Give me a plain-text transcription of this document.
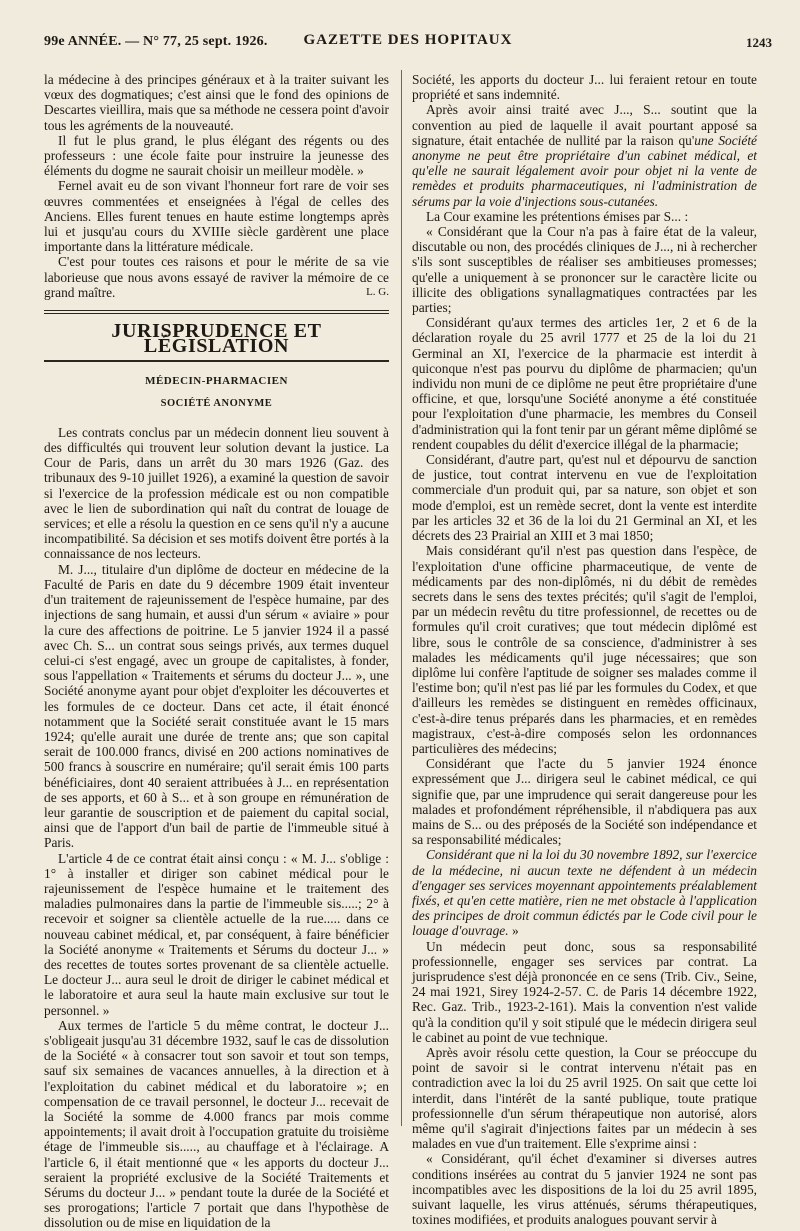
99e ANNÉE. — N° 77, 25 sept. 1926.	GAZETTE DES HOPITAUX	1243

la médecine à des principes généraux et à la traiter suivant les vœux des dogmatiques; c'est ainsi que le fond des opinions de Descartes vieillira, mais que sa méthode ne cessera point d'avoir tous les agréments de la nouveauté.

Il fut le plus grand, le plus élégant des régents ou des professeurs : une école faite pour instruire la jeunesse des éléments du dogme ne saurait choisir un meilleur modèle. »

Fernel avait eu de son vivant l'honneur fort rare de voir ses œuvres commentées et enseignées à l'égal de celles des Anciens. Elles furent tenues en haute estime longtemps après lui et jusqu'au cours du XVIIIe siècle gardèrent une place importante dans la littérature médicale.

C'est pour toutes ces raisons et pour le mérite de sa vie laborieuse que nous avons essayé de raviver la mémoire de ce grand maître.	L. G.

JURISPRUDENCE ET LÉGISLATION
MÉDECIN-PHARMACIEN
SOCIÉTÉ ANONYME

Les contrats conclus par un médecin donnent lieu souvent à des difficultés qui trouvent leur solution devant la justice. La Cour de Paris, dans un arrêt du 30 mars 1926 (Gaz. des tribunaux des 9-10 juillet 1926), a examiné la question de savoir si l'exercice de la profession médicale est ou non compatible avec le lien de subordination qui naît du contrat de louage de services; et elle a résolu la question en ce sens qu'il n'y a aucune incompatibilité. Sa décision et ses motifs doivent être portés à la connaissance de nos lecteurs.

M. J..., titulaire d'un diplôme de docteur en médecine de la Faculté de Paris en date du 9 décembre 1909 était inventeur d'un traitement de rajeunissement de l'espèce humaine, par des injections de sang humain, et aussi d'un sérum « aviaire » pour la cure des affections de poitrine. Le 5 janvier 1924 il a passé avec Ch. S... un contrat sous seings privés, aux termes duquel celui-ci s'est engagé, avec un groupe de capitalistes, à fonder, sous l'appellation « Traitements et sérums du docteur J... », une Société anonyme ayant pour objet d'exploiter les découvertes et les formules de ce docteur. Dans cet acte, il était énoncé notamment que la Société serait constituée avant le 15 mars 1924; qu'elle aurait une durée de trente ans; que son capital serait de 100.000 francs, divisé en 200 actions nominatives de 500 francs à souscrire en numéraire; qu'il serait émis 100 parts bénéficiaires, dont 40 seraient attribuées à J... en représentation de ses apports, et 60 à S... et à son groupe en rémunération de leur garantie de souscription et de paiement du capital social, ainsi que de l'apport d'un bail de partie de l'immeuble situé à Paris.

L'article 4 de ce contrat était ainsi conçu : « M. J... s'oblige : 1° à installer et diriger son cabinet médical pour le rajeunissement de l'espèce humaine et le traitement des maladies pulmonaires dans la partie de l'immeuble sis.....; 2° à recevoir et soigner sa clientèle actuelle de la rue..... dans ce nouveau cabinet médical, et, par conséquent, à faire bénéficier la Société anonyme « Traitements et Sérums du docteur J... » des recettes de toutes sortes provenant de sa clientèle actuelle. Le docteur J... aura seul le droit de diriger le cabinet médical et le laboratoire et aura seul la haute main exclusive sur tout le personnel. »

Aux termes de l'article 5 du même contrat, le docteur J... s'obligeait jusqu'au 31 décembre 1932, sauf le cas de dissolution de la Société « à consacrer tout son savoir et tout son temps, sauf six semaines de vacances annuelles, à la direction et à l'exploitation du cabinet médical et du laboratoire »; en compensation de ce travail personnel, le docteur J... recevait de la Société la somme de 4.000 francs par mois comme appointements; il avait droit à l'occupation gratuite du troisième étage de l'immeuble sis....., au chauffage et à l'éclairage. A l'article 6, il était mentionné que « les apports du docteur J... seraient la propriété exclusive de la Société Traitements et Sérums du docteur J... » pendant toute la durée de la Société et ses prorogations; l'article 7 portait que dans l'hypothèse de dissolution ou de mise en liquidation de la

Société, les apports du docteur J... lui feraient retour en toute propriété et sans indemnité.

Après avoir ainsi traité avec J..., S... soutint que la convention au pied de laquelle il avait pourtant apposé sa signature, était entachée de nullité par la raison qu'une Société anonyme ne peut être propriétaire d'un cabinet médical, et qu'elle ne saurait légalement avoir pour objet ni la vente de remèdes et produits pharmaceutiques, ni l'administration de sérums par la voie d'injections sous-cutanées.

La Cour examine les prétentions émises par S... :

« Considérant que la Cour n'a pas à faire état de la valeur, discutable ou non, des procédés cliniques de J..., ni à rechercher s'ils sont susceptibles de réaliser ses ambitieuses promesses; qu'elle a uniquement à se prononcer sur le caractère licite ou illicite des obligations synallagmatiques contractées par les parties;

Considérant qu'aux termes des articles 1er, 2 et 6 de la déclaration royale du 25 avril 1777 et 25 de la loi du 21 Germinal an XI, l'exercice de la pharmacie est interdit à quiconque n'est pas pourvu du diplôme de pharmacien; qu'un individu non muni de ce diplôme ne peut être propriétaire d'une officine, et que, lorsqu'une Société anonyme a été constituée pour l'exploitation d'une pharmacie, les membres du Conseil d'administration qui la font tenir par un gérant même diplômé se rendent coupables du délit d'exercice illégal de la pharmacie;

Considérant, d'autre part, qu'est nul et dépourvu de sanction de justice, tout contrat intervenu en vue de l'exploitation commerciale d'un produit qui, par sa nature, son objet et son mode d'emploi, est un remède secret, dont la vente est interdite par les articles 32 et 36 de la loi du 21 Germinal an XI, et les décrets des 23 Prairial an XIII et 3 mai 1850;

Mais considérant qu'il n'est pas question dans l'espèce, de l'exploitation d'une officine pharmaceutique, de vente de médicaments par des non-diplômés, ni du débit de remèdes secrets dans le sens des textes précités; qu'il s'agit de l'emploi, par un médecin revêtu du titre professionnel, de recettes ou de formules qu'il croit curatives; que tout médecin diplômé est libre, sous le contrôle de sa conscience, d'administrer à ses malades les médicaments qu'il juge nécessaires; que son diplôme lui confère l'aptitude de soigner ses malades comme il l'estime bon; qu'il n'est pas lié par les formules du Codex, et que d'ailleurs les remèdes se distinguent en remèdes officinaux, c'est-à-dire tenus préparés dans les pharmacies, et en remèdes magistraux, c'est-à-dire composés selon les ordonnances particulières des médecins;

Considérant que l'acte du 5 janvier 1924 énonce expressément que J... dirigera seul le cabinet médical, ce qui signifie que, par une imprudence qui serait dangereuse pour les malades et profondément répréhensible, il n'abdiquera pas aux mains de S... ou des préposés de la Société son indépendance et sa responsabilité médicales;

Considérant que ni la loi du 30 novembre 1892, sur l'exercice de la médecine, ni aucun texte ne défendent à un médecin d'engager ses services moyennant appointements préalablement fixés, et qu'en cette matière, rien ne met obstacle à l'application des principes de droit commun édictés par le Code civil pour le louage d'ouvrage. »

Un médecin peut donc, sous sa responsabilité professionnelle, engager ses services par contrat. La jurisprudence s'est déjà prononcée en ce sens (Trib. Civ., Seine, 24 mai 1921, Sirey 1924-2-57. C. de Paris 14 décembre 1922, Rec. Gaz. Trib., 1923-2-161). Mais la convention n'est valide qu'à la condition qu'il y soit stipulé que le médecin dirigera seul le cabinet au point de vue technique.

Après avoir résolu cette question, la Cour se préoccupe du point de savoir si le contrat intervenu n'était pas en contradiction avec la loi du 25 avril 1925. On sait que cette loi interdit, dans l'intérêt de la santé publique, toute pratique professionnelle d'un sérum thérapeutique non autorisé, alors même qu'il s'agirait d'injections faites par un médecin à ses malades en vue d'un traitement. Elle s'exprime ainsi :

« Considérant, qu'il échet d'examiner si diverses autres conditions insérées au contrat du 5 janvier 1924 ne sont pas incompatibles avec les dispositions de la loi du 25 avril 1895, suivant laquelle, les virus atténués, sérums thérapeutiques, toxines modifiées, et produits analogues pouvant servir à
